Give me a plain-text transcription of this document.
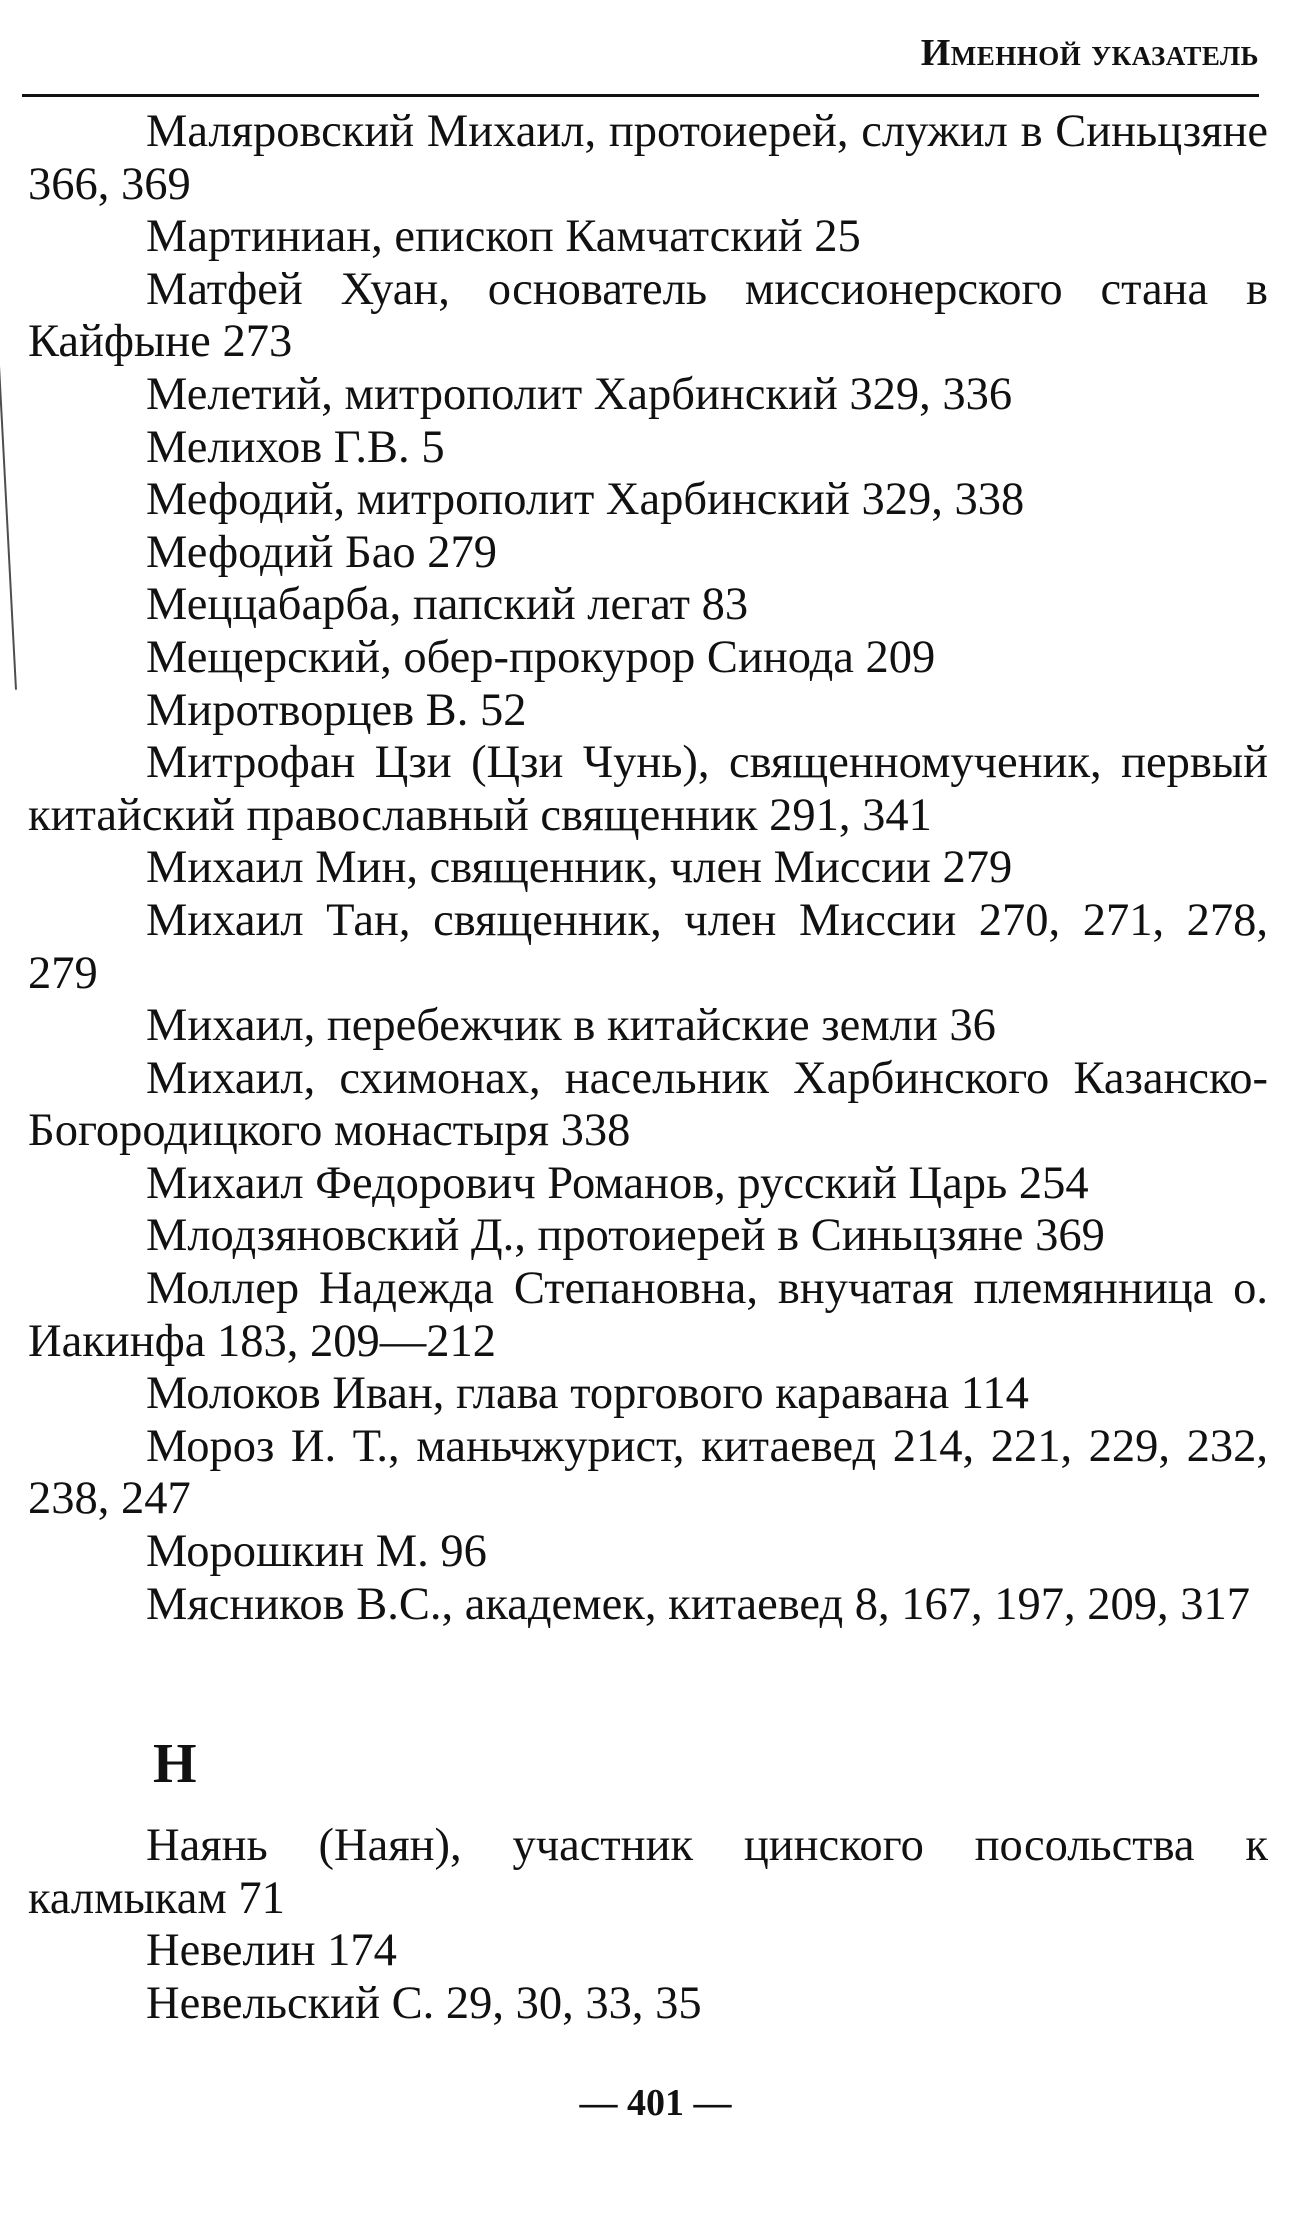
Именной указатель
Маляровский Михаил, протоиерей, служил в Синьцзяне 366, 369
Мартиниан, епископ Камчатский 25
Матфей Хуан, основатель миссионерского стана в Кайфыне 273
Мелетий, митрополит Харбинский 329, 336
Мелихов Г.В. 5
Мефодий, митрополит Харбинский 329, 338
Мефодий Бао 279
Меццабарба, папский легат 83
Мещерский, обер-прокурор Синода 209
Миротворцев В. 52
Митрофан Цзи (Цзи Чунь), священномученик, первый китайский православный священник 291, 341
Михаил Мин, священник, член Миссии 279
Михаил Тан, священник, член Миссии 270, 271, 278, 279
Михаил, перебежчик в китайские земли 36
Михаил, схимонах, насельник Харбинского Казанско-Богородицкого монастыря 338
Михаил Федорович Романов, русский Царь 254
Млодзяновский Д., протоиерей в Синьцзяне 369
Моллер Надежда Степановна, внучатая племянница о. Иакинфа 183, 209—212
Молоков Иван, глава торгового каравана 114
Мороз И. Т., маньчжурист, китаевед 214, 221, 229, 232, 238, 247
Морошкин М. 96
Мясников В.С., академек, китаевед 8, 167, 197, 209, 317
Н
Наянь (Наян), участник цинского посольства к калмыкам 71
Невелин 174
Невельский С. 29, 30, 33, 35
— 401 —
